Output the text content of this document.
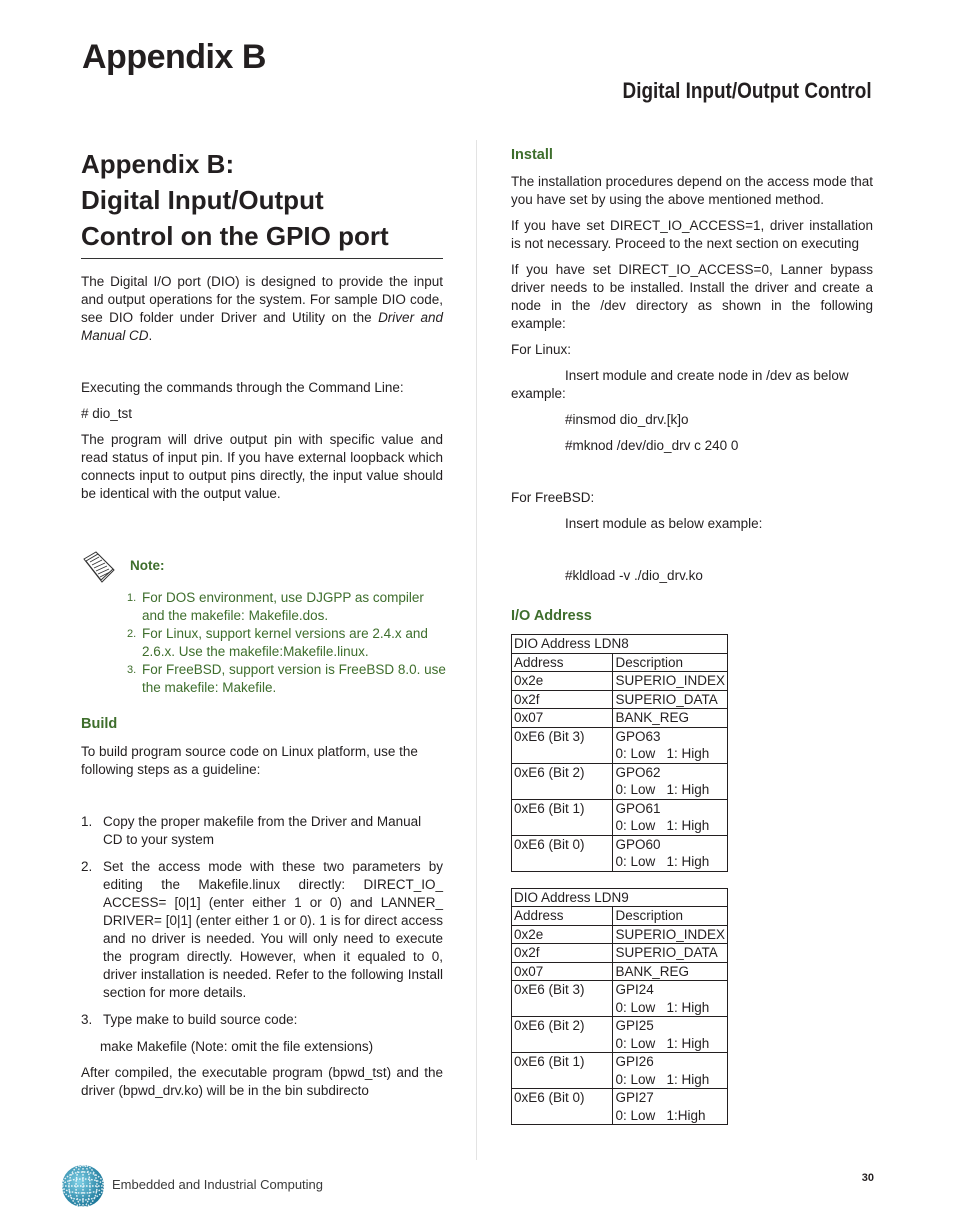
Appendix B
Digital Input/Output Control
Appendix B:
Digital Input/Output
Control on the GPIO port

The Digital I/O port (DIO) is designed to provide the input and output operations for the system. For sample DIO code, see DIO folder under Driver and Utility on the Driver and Manual CD.

Executing the commands through the Command Line:

# dio_tst

The program will drive output pin with specific value and read status of input pin. If you have external loopback which connects input to output pins directly, the input value should be identical with the output value.

Note:
1. For DOS environment, use DJGPP as compiler and the makefile: Makefile.dos.
2. For Linux, support kernel versions are 2.4.x and 2.6.x. Use the makefile:Makefile.linux.
3. For FreeBSD, support version is FreeBSD 8.0. use the makefile: Makefile.
Build

To build program source code on Linux platform, use the following steps as a guideline:

1. Copy the proper makefile from the Driver and Manual CD to your system
2. Set the access mode with these two parameters by editing the Makefile.linux directly: DIRECT_IO_ ACCESS= [0|1] (enter either 1 or 0) and LANNER_ DRIVER= [0|1] (enter either 1 or 0). 1 is for direct access and no driver is needed. You will only need to execute the program directly. However, when it equaled to 0, driver installation is needed. Refer to the following Install section for more details.
3. Type make to build source code:

make Makefile (Note: omit the file extensions)

After compiled, the executable program (bpwd_tst) and the driver (bpwd_drv.ko) will be in the bin subdirecto

Install

The installation procedures depend on the access mode that you have set by using the above mentioned method.

If you have set DIRECT_IO_ACCESS=1, driver installation is not necessary. Proceed to the next section on executing

If you have set DIRECT_IO_ACCESS=0, Lanner bypass driver needs to be installed. Install the driver and create a node in the /dev directory as shown in the following example:

For Linux:

Insert module and create node in /dev as below example:

#insmod dio_drv.[k]o

#mknod /dev/dio_drv c 240 0

For FreeBSD:

Insert module as below example:

#kldload -v ./dio_drv.ko

I/O Address
DIO Address LDN8	
Address	Description
0x2e	SUPERIO_INDEX
0x2f	SUPERIO_DATA
0x07	BANK_REG
0xE6 (Bit 3)	GPO63
0: Low   1: High
0xE6 (Bit 2)	GPO62
0: Low   1: High
0xE6 (Bit 1)	GPO61
0: Low   1: High
0xE6 (Bit 0)	GPO60
0: Low   1: High
DIO Address LDN9	
Address	Description
0x2e	SUPERIO_INDEX
0x2f	SUPERIO_DATA
0x07	BANK_REG
0xE6 (Bit 3)	GPI24
0: Low   1: High
0xE6 (Bit 2)	GPI25
0: Low   1: High
0xE6 (Bit 1)	GPI26
0: Low   1: High
0xE6 (Bit 0)	GPI27
0: Low   1:High
Embedded and Industrial Computing	30
